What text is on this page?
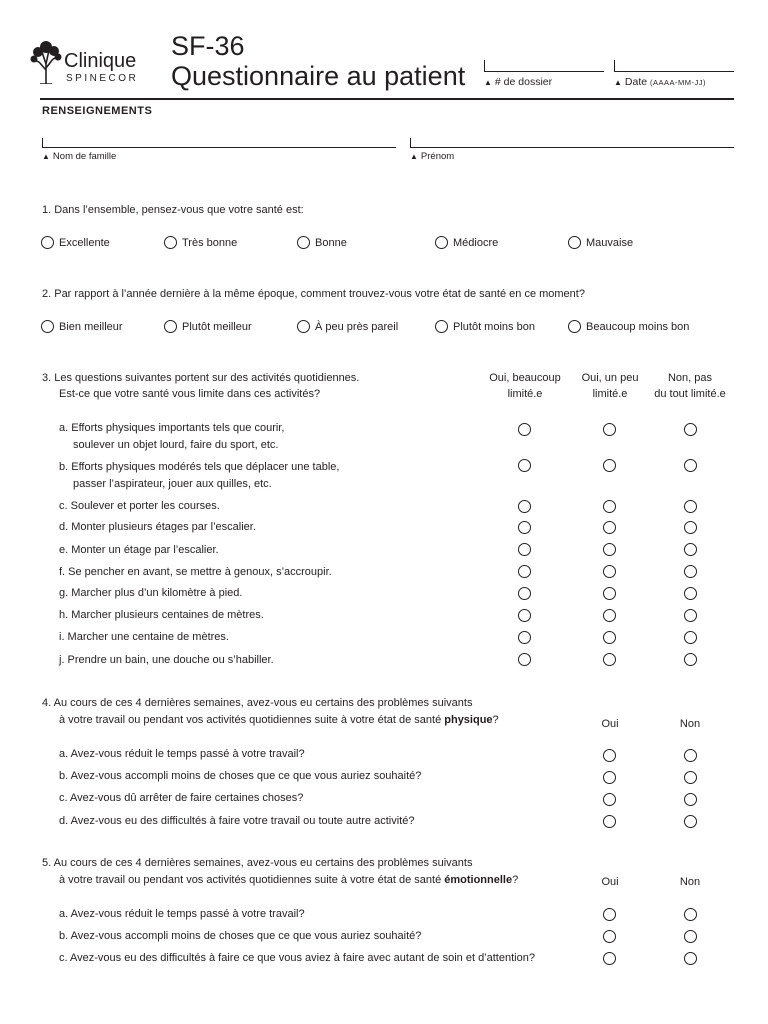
Clinique
SPINECOR
SF-36
Questionnaire au patient ▲ # de dossier	▲ Date (AAAA-MM-JJ)
RENSEIGNEMENTS
▲ Nom de famille	▲ Prénom
1. Dans l’ensemble, pensez-vous que votre santé est:
Excellente	Très bonne	Bonne	Médiocre	Mauvaise
2. Par rapport à l’année dernière à la même époque, comment trouvez-vous votre état de santé en ce moment?
Bien meilleur	Plutôt meilleur	À peu près pareil	Plutôt moins bon	Beaucoup moins bon
3. Les questions suivantes portent sur des activités quotidiennes.
Est-ce que votre santé vous limite dans ces activités?
Oui, beaucoup
limité.e
Oui, un peu
limité.e
Non, pas
du tout limité.e
a. Efforts physiques importants tels que courir,
soulever un objet lourd, faire du sport, etc.
b. Efforts physiques modérés tels que déplacer une table,
passer l’aspirateur, jouer aux quilles, etc.
c. Soulever et porter les courses.
d. Monter plusieurs étages par l’escalier.
e. Monter un étage par l’escalier.
f. Se pencher en avant, se mettre à genoux, s’accroupir.
g. Marcher plus d’un kilomètre à pied.
h. Marcher plusieurs centaines de mètres.
i. Marcher une centaine de mètres.
j. Prendre un bain, une douche ou s’habiller.
4. Au cours de ces 4 dernières semaines, avez-vous eu certains des problèmes suivants
à votre travail ou pendant vos activités quotidiennes suite à votre état de santé physique?	Oui	Non
a. Avez-vous réduit le temps passé à votre travail?
b. Avez-vous accompli moins de choses que ce que vous auriez souhaité?
c. Avez-vous dû arrêter de faire certaines choses?
d. Avez-vous eu des difficultés à faire votre travail ou toute autre activité?
5. Au cours de ces 4 dernières semaines, avez-vous eu certains des problèmes suivants
à votre travail ou pendant vos activités quotidiennes suite à votre état de santé émotionnelle?	Oui	Non
a. Avez-vous réduit le temps passé à votre travail?
b. Avez-vous accompli moins de choses que ce que vous auriez souhaité?
c. Avez-vous eu des difficultés à faire ce que vous aviez à faire avec autant de soin et d’attention?
